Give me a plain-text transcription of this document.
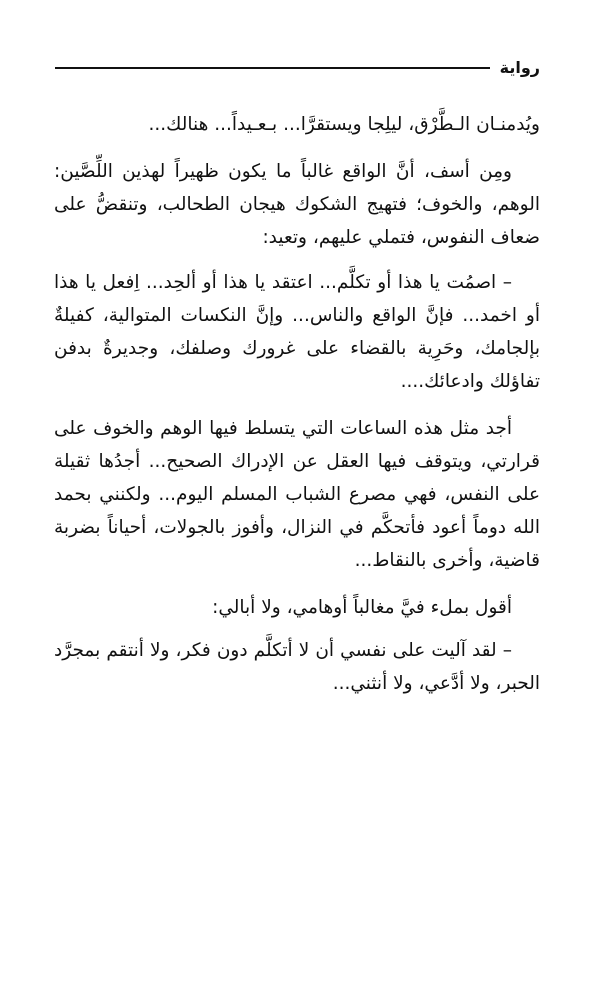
رواية

ويُدمنـان الـطَّرْق، ليلِجا ويستقرَّا... بـعـيداً... هنالك...

ومِن أسف، أنَّ الواقع غالباً ما يكون ظهيراً لهذين اللِّصَّين: الوهم، والخوف؛ فتهيج الشكوك هيجان الطحالب، وتنقضُّ على ضعاف النفوس، فتملي عليهم، وتعيد:

– اصمُت يا هذا أو تكلَّم... اعتقد يا هذا أو ألحِد... اِفعل يا هذا أو اخمد... فإنَّ الواقع والناس... وإنَّ النكسات المتوالية، كفيلةٌ بإلجامك، وحَرِية بالقضاء على غرورك وصلفك، وجديرةٌ بدفن تفاؤلك وادعائك....

أجد مثل هذه الساعات التي يتسلط فيها الوهم والخوف على قرارتي، ويتوقف فيها العقل عن الإدراك الصحيح... أجدُها ثقيلة على النفس، فهي مصرع الشباب المسلم اليوم... ولكنني بحمد الله دوماً أعود فأتحكَّم في النزال، وأفوز بالجولات، أحياناً بضربة قاضية، وأخرى بالنقاط...

أقول بملء فيَّ مغالباً أوهامي، ولا أبالي:

– لقد آليت على نفسي أن لا أتكلَّم دون فكر، ولا أنتقم بمجرَّد الحبر، ولا أدَّعي، ولا أنثني...
